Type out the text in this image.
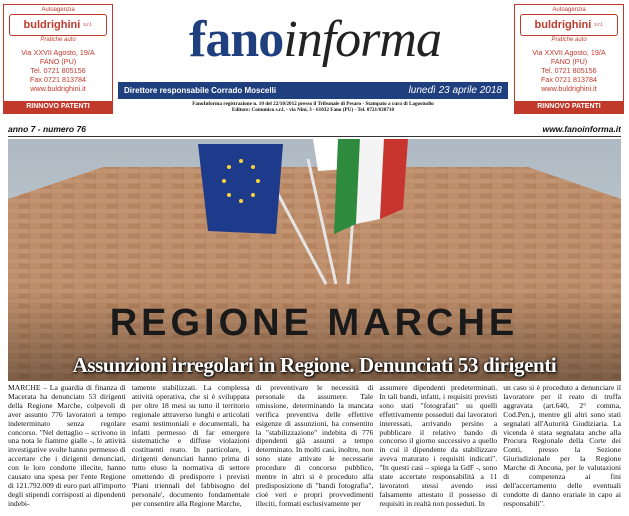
Autoagenzia
buldrighini s.r.l.
Pratiche auto
Via XXVII Agosto, 19/A
FANO (PU)
Tel. 0721 805156
Fax 0721 813784
www.buldrighini.it
RINNOVO PATENTI
Autoagenzia
buldrighini s.r.l.
Pratiche auto
Via XXVII Agosto, 19/A
FANO (PU)
Tel. 0721 805156
Fax 0721 813784
www.buldrighini.it
RINNOVO PATENTI
fano informa
Direttore responsabile Corrado Moscelli	lunedì 23 aprile 2018
FanoInforma registrazione n. 10 del 22/10/2012 presso il Tribunale di Pesaro - Stampato a cura di Lagostudio
Editore: Comunico s.r.l. - via Nini, 3 - 61032 Fano (PU) - Tel. 0721/830710
anno 7 - numero 76	www.fanoinforma.it
REGIONE MARCHE
Assunzioni irregolari in Regione. Denunciati 53 dirigenti

MARCHE – La guardia di finanza di Macerata ha denunciato 53 dirigenti della Regione Marche, colpevoli di aver assunto 776 lavoratori a tempo indeterminato senza regolare concorso. "Nel dettaglio – scrivono in una nota le fiamme gialle -, le attività investigative svolte hanno permesso di accertare che i dirigenti denunciati, con le loro condotte illecite, hanno causato una spesa per l'ente Regione di 121.792.009 di euro pari all'importo degli stipendi corrisposti ai dipendenti indebi-

tamente stabilizzati. La complessa attività operativa, che si è sviluppata per oltre 18 mesi su tutto il territorio regionale attraverso lunghi e articolati esami testimoniali e documentali, ha infatti permesso di far emergere sistematiche e diffuse violazioni costituenti reato. In particolare, i dirigenti denunciati hanno prima di tutto eluso la normativa di settore omettendo di predisporre i previsti 'Piani triennali del fabbisogno del personale', documento fondamentale per consentire alla Regione Marche,

di preventivare le necessità di personale da assumere. Tale omissione, determinando la mancata verifica preventiva delle effettive esigenze di assunzioni, ha consentito la "stabilizzazione" indebita di 776 dipendenti già assunti a tempo determinato. In molti casi, inoltre, non sono state attivate le necessarie procedure di concorso pubblico, mentre in altri si è proceduto alla predisposizione di "bandi fotografia", cioè veri e propri provvedimenti illeciti, formati esclusivamente per

assumere dipendenti predeterminati. In tali bandi, infatti, i requisiti previsti sono stati "fotografati" su quelli effettivamente posseduti dai lavoratori interessati, arrivando persino a pubblicare il relativo bando di concorso il giorno successivo a quello in cui il dipendente da stabilizzare aveva maturato i requisiti indicati". "In questi casi – spiega la GdF -, sono state accertate responsabilità a 11 lavoratori stessi avendo essi falsamente attestato il possesso di requisiti in realtà non posseduti. In

un caso si è proceduto a denunciare il lavoratore per il reato di truffa aggravata (art.640, 2° comma, Cod.Pen.), mentre gli altri sono stati segnalati all'Autorità Giudiziaria. La vicenda è stata segnalata anche alla Procura Regionale della Corte dei Conti, presso la Sezione Giurisdizionale per la Regione Marche di Ancona, per le valutazioni di competenza ai fini dell'accertamento delle eventuali condotte di danno erariale in capo ai responsabili".
